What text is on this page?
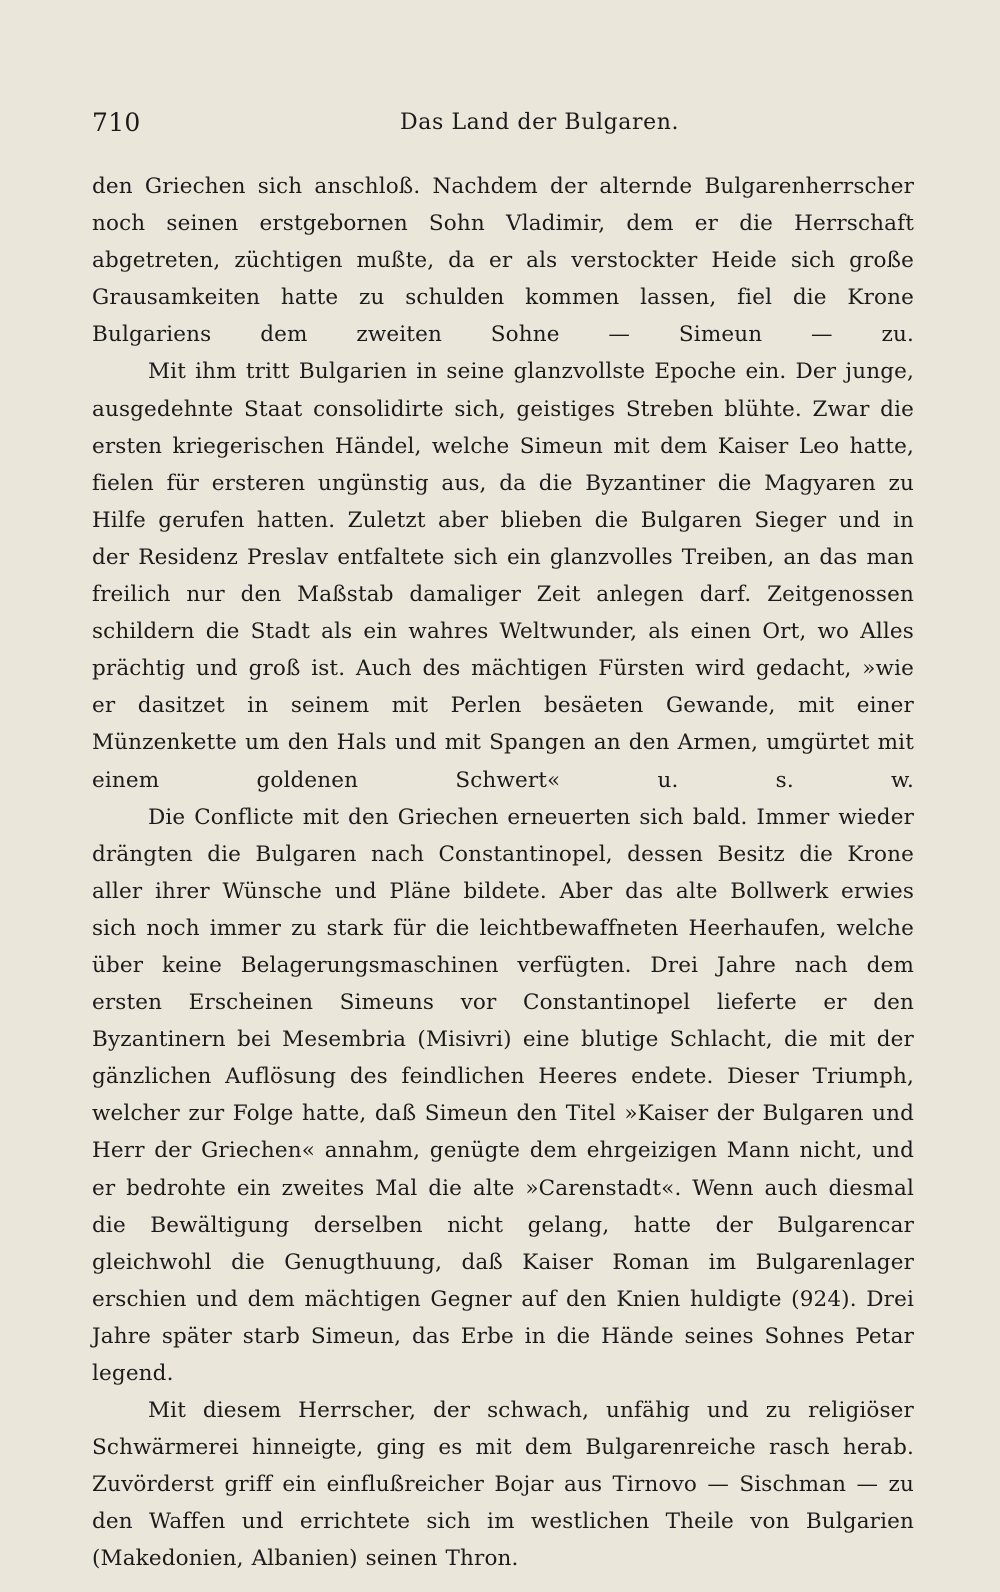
710	Das Land der Bulgaren.

den Griechen sich anschloß. Nachdem der alternde Bulgarenherrscher noch seinen erstgebornen Sohn Vladimir, dem er die Herrschaft abgetreten, züchtigen mußte, da er als verstockter Heide sich große Grausamkeiten hatte zu schulden kommen lassen, fiel die Krone Bulgariens dem zweiten Sohne — Simeun — zu.

Mit ihm tritt Bulgarien in seine glanzvollste Epoche ein. Der junge, ausgedehnte Staat consolidirte sich, geistiges Streben blühte. Zwar die ersten kriegerischen Händel, welche Simeun mit dem Kaiser Leo hatte, fielen für ersteren ungünstig aus, da die Byzantiner die Magyaren zu Hilfe gerufen hatten. Zuletzt aber blieben die Bulgaren Sieger und in der Residenz Preslav entfaltete sich ein glanzvolles Treiben, an das man freilich nur den Maßstab damaliger Zeit anlegen darf. Zeitgenossen schildern die Stadt als ein wahres Weltwunder, als einen Ort, wo Alles prächtig und groß ist. Auch des mächtigen Fürsten wird gedacht, »wie er dasitzet in seinem mit Perlen besäeten Gewande, mit einer Münzenkette um den Hals und mit Spangen an den Armen, umgürtet mit einem goldenen Schwert« u. s. w.

Die Conflicte mit den Griechen erneuerten sich bald. Immer wieder drängten die Bulgaren nach Constantinopel, dessen Besitz die Krone aller ihrer Wünsche und Pläne bildete. Aber das alte Bollwerk erwies sich noch immer zu stark für die leichtbewaffneten Heerhaufen, welche über keine Belagerungsmaschinen verfügten. Drei Jahre nach dem ersten Erscheinen Simeuns vor Constantinopel lieferte er den Byzantinern bei Mesembria (Misivri) eine blutige Schlacht, die mit der gänzlichen Auflösung des feindlichen Heeres endete. Dieser Triumph, welcher zur Folge hatte, daß Simeun den Titel »Kaiser der Bulgaren und Herr der Griechen« annahm, genügte dem ehrgeizigen Mann nicht, und er bedrohte ein zweites Mal die alte »Carenstadt«. Wenn auch diesmal die Bewältigung derselben nicht gelang, hatte der Bulgarencar gleichwohl die Genugthuung, daß Kaiser Roman im Bulgarenlager erschien und dem mächtigen Gegner auf den Knien huldigte (924). Drei Jahre später starb Simeun, das Erbe in die Hände seines Sohnes Petar legend.

Mit diesem Herrscher, der schwach, unfähig und zu religiöser Schwärmerei hinneigte, ging es mit dem Bulgarenreiche rasch herab. Zuvörderst griff ein einflußreicher Bojar aus Tirnovo — Sischman — zu den Waffen und errichtete sich im westlichen Theile von Bulgarien (Makedonien, Albanien) seinen Thron.
